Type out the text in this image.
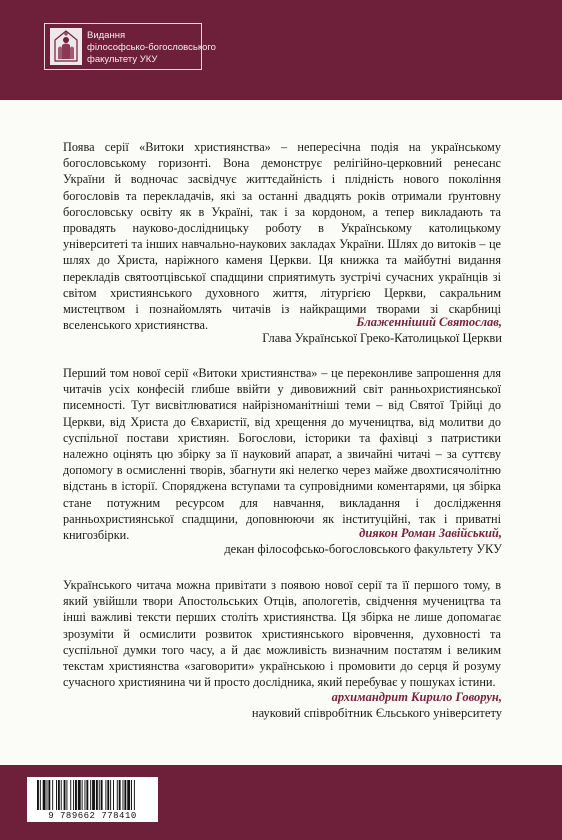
Видання
філософсько-богословського
факультету УКУ

Поява серії «Витоки християнства» – непересічна подія на українському богословському горизонті. Вона демонструє релігійно-церковний ренесанс України й водночас засвідчує життєдайність і плідність нового покоління богословів та перекладачів, які за останні двадцять років отримали ґрунтовну богословську освіту як в Україні, так і за кордоном, а тепер викладають та провадять науково-дослідницьку роботу в Українському католицькому університеті та інших навчально-наукових закладах України. Шлях до витоків – це шлях до Христа, наріжного каменя Церкви. Ця книжка та майбутні видання перекладів святоотцівської спадщини сприятимуть зустрічі сучасних українців зі світом християнського духовного життя, літургією Церкви, сакральним мистецтвом і познайомлять читачів із найкращими творами зі скарбниці вселенського християнства.	Блаженніший Святослав,

Глава Української Греко-Католицької Церкви

Перший том нової серії «Витоки християнства» – це переконливе запрошення для читачів усіх конфесій глибше ввійти у дивовижний світ ранньохристиянської писемності. Тут висвітлюватися найрізноманітніші теми – від Святої Трійці до Церкви, від Христа до Євхаристії, від хрещення до мучеництва, від молитви до суспільної постави християн. Богослови, історики та фахівці з патристики належно оцінять цю збірку за її науковий апарат, а звичайні читачі – за суттєву допомогу в осмисленні творів, збагнути які нелегко через майже двохтисячолітню відстань в історії. Споряджена вступами та супровідними коментарями, ця збірка стане потужним ресурсом для навчання, викладання і дослідження ранньохристиянської спадщини, доповнюючи як інституційні, так і приватні книгозбірки.	диякон Роман Завійський,

декан філософсько-богословського факультету УКУ

Українського читача можна привітати з появою нової серії та її першого тому, в який увійшли твори Апостольських Отців, апологетів, свідчення мучеництва та інші важливі тексти перших століть християнства. Ця збірка не лише допомагає зрозуміти й осмислити розвиток християнського віровчення, духовності та суспільної думки того часу, а й дає можливість визначним постатям і великим текстам християнства «заговорити» українською і промовити до серця й розуму сучасного християнина чи й просто дослідника, який перебуває у пошуках істини.

архимандрит Кирило Говорун,

науковий співробітник Єльського університету

9 789662 778410
